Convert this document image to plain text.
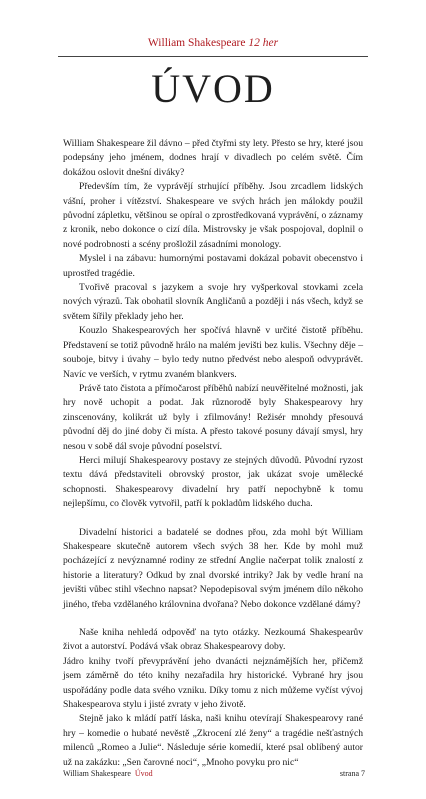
William Shakespeare 12 her
ÚVOD

William Shakespeare žil dávno – před čtyřmi sty lety. Přesto se hry, které jsou podepsány jeho jménem, dodnes hrají v divadlech po celém světě. Čím dokážou oslovit dnešní diváky?

Především tím, že vyprávějí strhující příběhy. Jsou zrcadlem lidských vášní, proher i vítězství. Shakespeare ve svých hrách jen málokdy použil původní zápletku, většinou se opíral o zprostředkovaná vyprávění, o záznamy z kronik, nebo dokonce o cizí díla. Mistrovsky je však pospojoval, doplnil o nové podrobnosti a scény prošložil zásadními monology.

Myslel i na zábavu: humornými postavami dokázal pobavit obecenstvo i uprostřed tragédie.

Tvořivě pracoval s jazykem a svoje hry vyšperkoval stovkami zcela nových výrazů. Tak obohatil slovník Angličanů a později i nás všech, když se světem šířily překlady jeho her.

Kouzlo Shakespearových her spočívá hlavně v určité čistotě příběhu. Představení se totiž původně hrálo na malém jevišti bez kulis. Všechny děje – souboje, bitvy i úvahy – bylo tedy nutno předvést nebo alespoň odvyprávět. Navíc ve verších, v rytmu zvaném blankvers.

Právě tato čistota a přímočarost příběhů nabízí neuvěřitelné možnosti, jak hry nově uchopit a podat. Jak různorodě byly Shakespearovy hry zinscenovány, kolikrát už byly i zfilmovány! Režisér mnohdy přesouvá původní děj do jiné doby či místa. A přesto takové posuny dávají smysl, hry nesou v sobě dál svoje původní poselství.

Herci milují Shakespearovy postavy ze stejných důvodů. Původní ryzost textu dává představiteli obrovský prostor, jak ukázat svoje umělecké schopnosti. Shakespearovy divadelní hry patří nepochybně k tomu nejlepšímu, co člověk vytvořil, patří k pokladům lidského ducha.

Divadelní historici a badatelé se dodnes přou, zda mohl být William Shakespeare skutečně autorem všech svých 38 her. Kde by mohl muž pocházející z nevýznamné rodiny ze střední Anglie načerpat tolik znalostí z historie a literatury? Odkud by znal dvorské intriky? Jak by vedle hraní na jevišti vůbec stihl všechno napsat? Nepodepisoval svým jménem dílo někoho jiného, třeba vzdělaného královnina dvořana? Nebo dokonce vzdělané dámy?

Naše kniha nehledá odpověď na tyto otázky. Nezkoumá Shakespearův život a autorství. Podává však obraz Shakespearovy doby.

Jádro knihy tvoří převyprávění jeho dvanácti nejznámějších her, přičemž jsem záměrně do této knihy nezařadila hry historické. Vybrané hry jsou uspořádány podle data svého vzniku. Díky tomu z nich můžeme vyčíst vývoj Shakespearova stylu i jisté zvraty v jeho životě.

Stejně jako k mládí patří láska, naši knihu otevírají Shakespearovy rané hry – komedie o hubaté nevěstě „Zkrocení zlé ženy“ a tragédie nešťastných milenců „Romeo a Julie“. Následuje série komedií, které psal oblíbený autor už na zakázku: „Sen čarovné noci“, „Mnoho povyku pro nic“

William Shakespeare Úvod	strana 7
